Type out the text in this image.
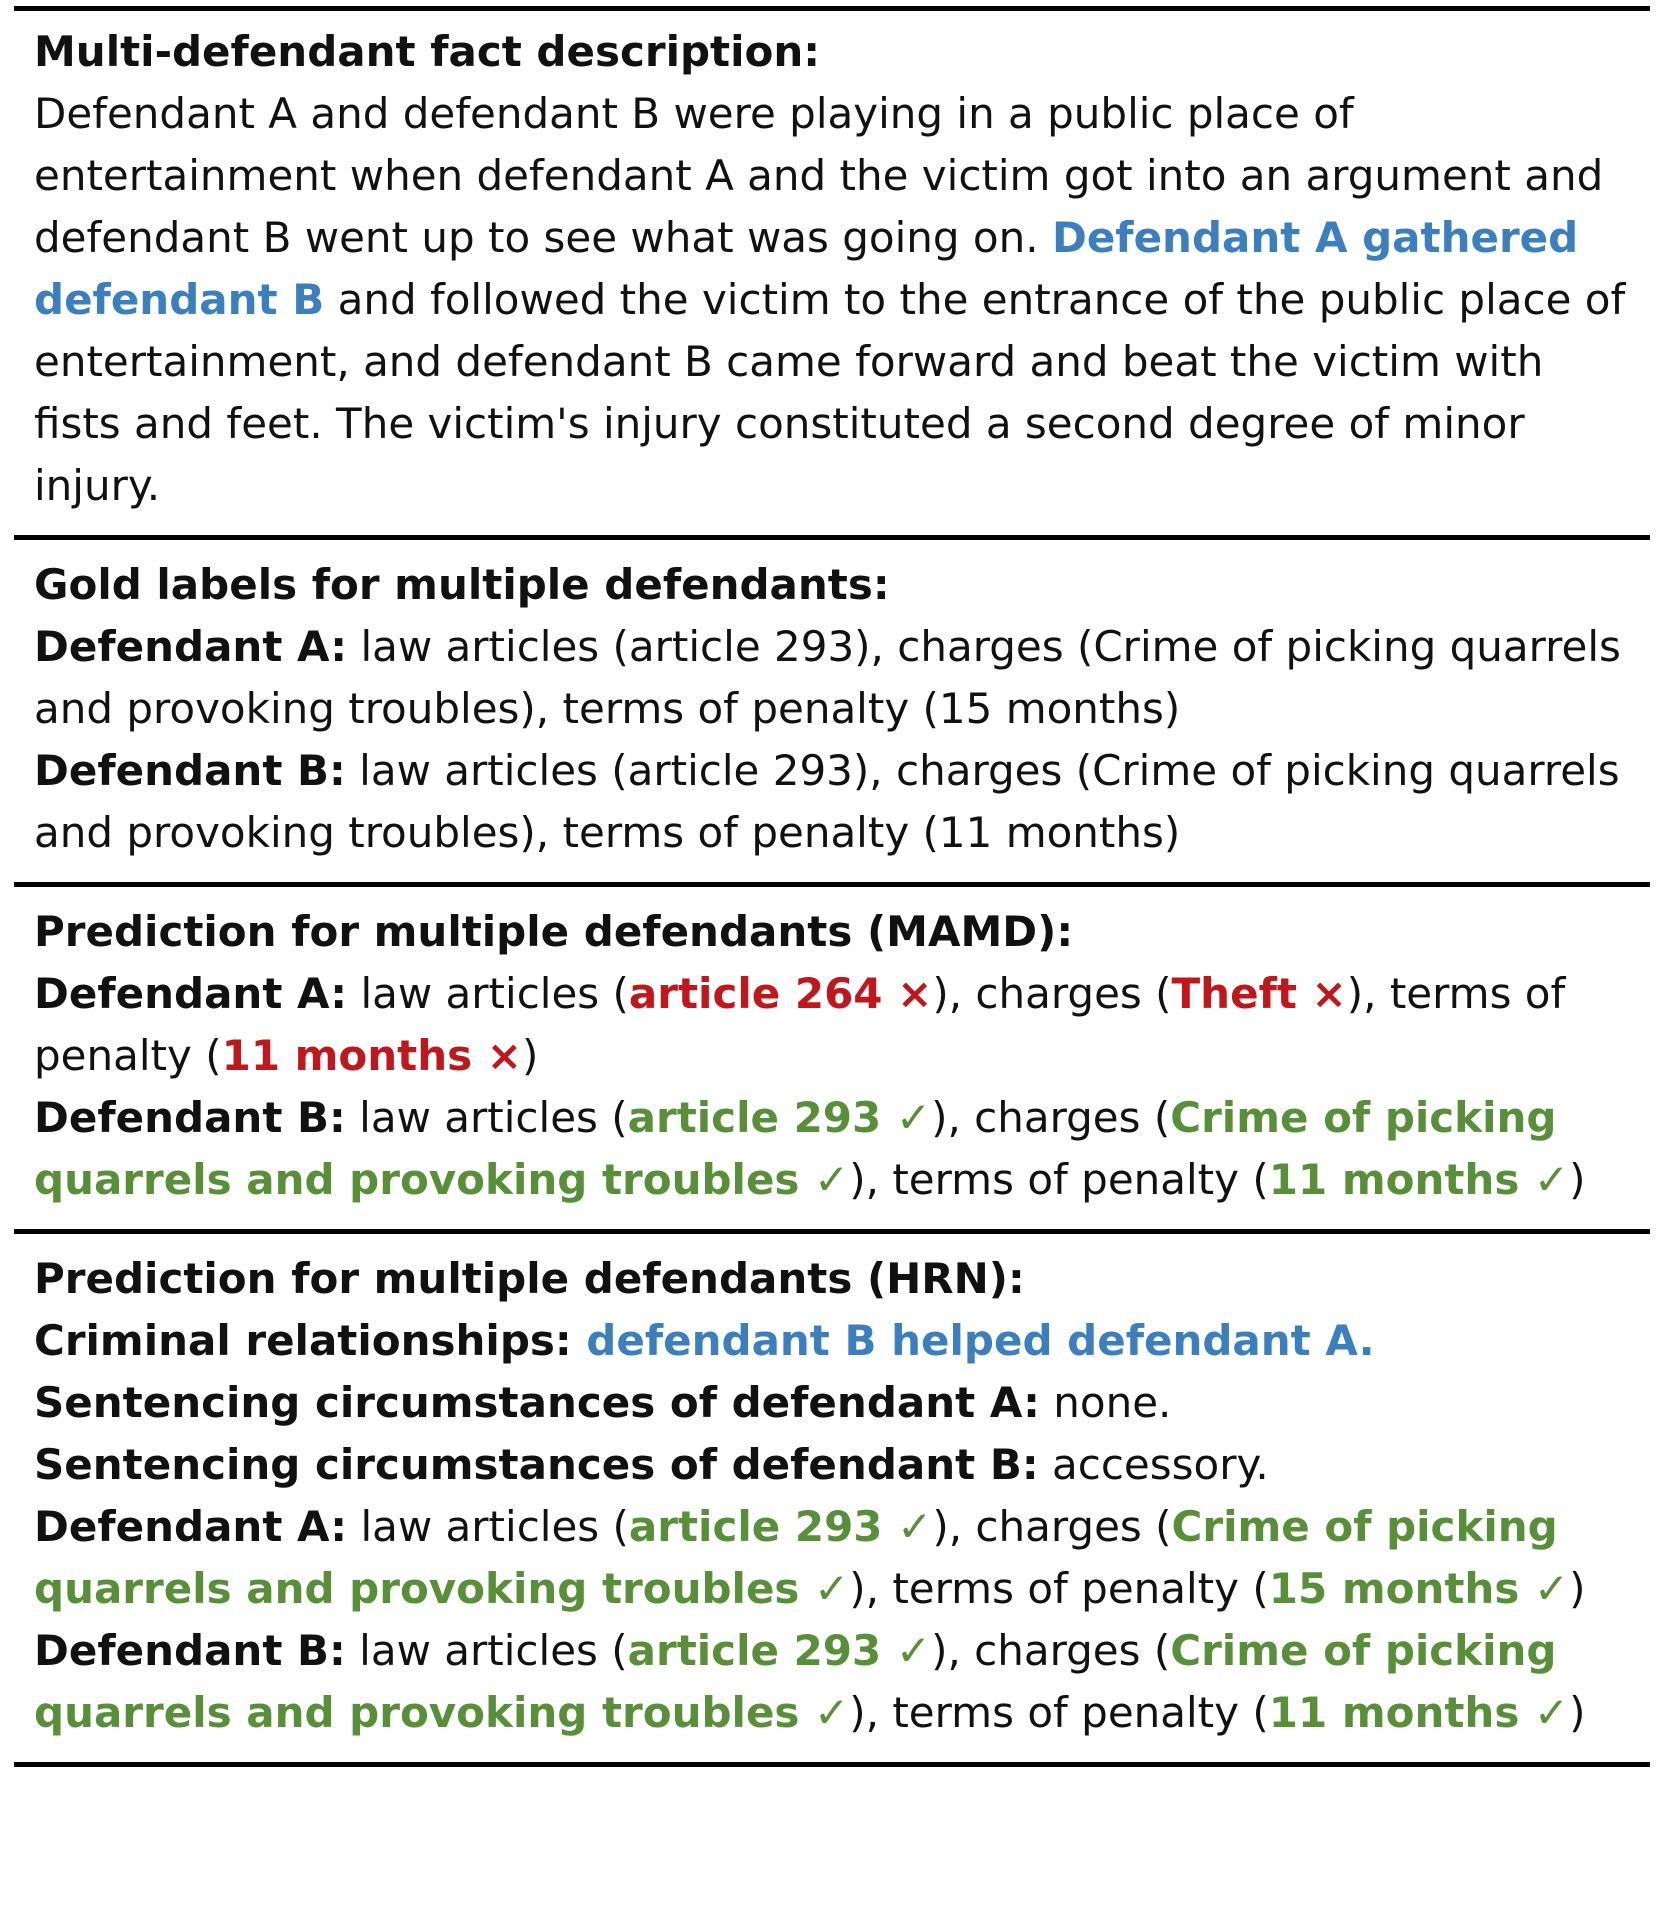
Multi-defendant fact description:
Defendant A and defendant B were playing in a public place of entertainment when defendant A and the victim got into an argument and defendant B went up to see what was going on. Defendant A gathered defendant B and followed the victim to the entrance of the public place of entertainment, and defendant B came forward and beat the victim with fists and feet. The victim's injury constituted a second degree of minor injury.
Gold labels for multiple defendants:
Defendant A: law articles (article 293), charges (Crime of picking quarrels and provoking troubles), terms of penalty (15 months)
Defendant B: law articles (article 293), charges (Crime of picking quarrels and provoking troubles), terms of penalty (11 months)
Prediction for multiple defendants (MAMD):
Defendant A: law articles (article 264 ×), charges (Theft ×), terms of penalty (11 months ×)
Defendant B: law articles (article 293 ✓), charges (Crime of picking quarrels and provoking troubles ✓), terms of penalty (11 months ✓)
Prediction for multiple defendants (HRN):
Criminal relationships: defendant B helped defendant A.
Sentencing circumstances of defendant A: none.
Sentencing circumstances of defendant B: accessory.
Defendant A: law articles (article 293 ✓), charges (Crime of picking quarrels and provoking troubles ✓), terms of penalty (15 months ✓)
Defendant B: law articles (article 293 ✓), charges (Crime of picking quarrels and provoking troubles ✓), terms of penalty (11 months ✓)
